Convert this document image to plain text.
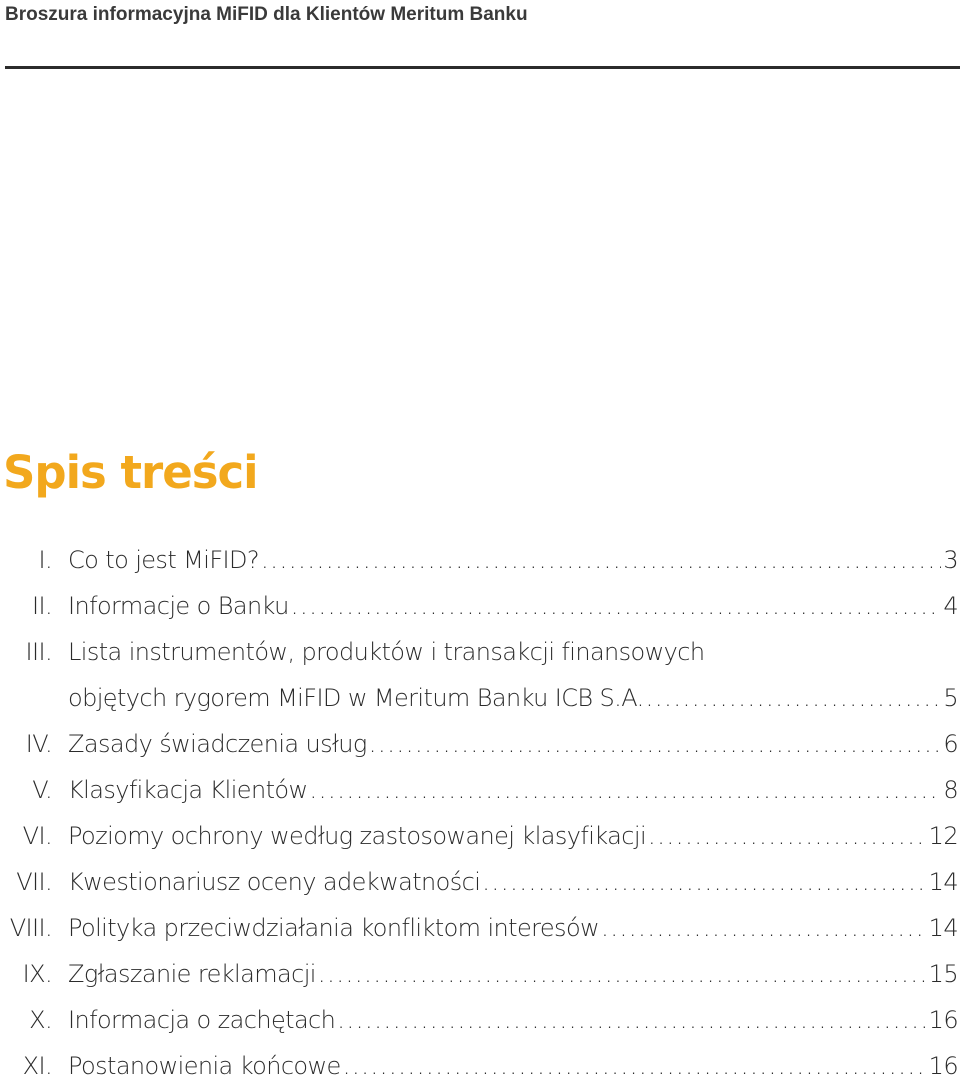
Broszura informacyjna MiFID dla Klientów Meritum Banku
Spis treści
I. Co to jest MiFID? . . .	3
II. Informacje o Banku . . .	4
III. Lista instrumentów, produktów i transakcji finansowych
objętych rygorem MiFID w Meritum Banku ICB S.A. . . .	5
IV. Zasady świadczenia usług . . .	6
V. Klasyfikacja Klientów . . .	8
VI. Poziomy ochrony według zastosowanej klasyfikacji . . .	12
VII. Kwestionariusz oceny adekwatności . . .	14
VIII. Polityka przeciwdziałania konfliktom interesów . . .	14
IX. Zgłaszanie reklamacji . . .	15
X. Informacja o zachętach . . .	16
XI. Postanowienia końcowe . . .	16
